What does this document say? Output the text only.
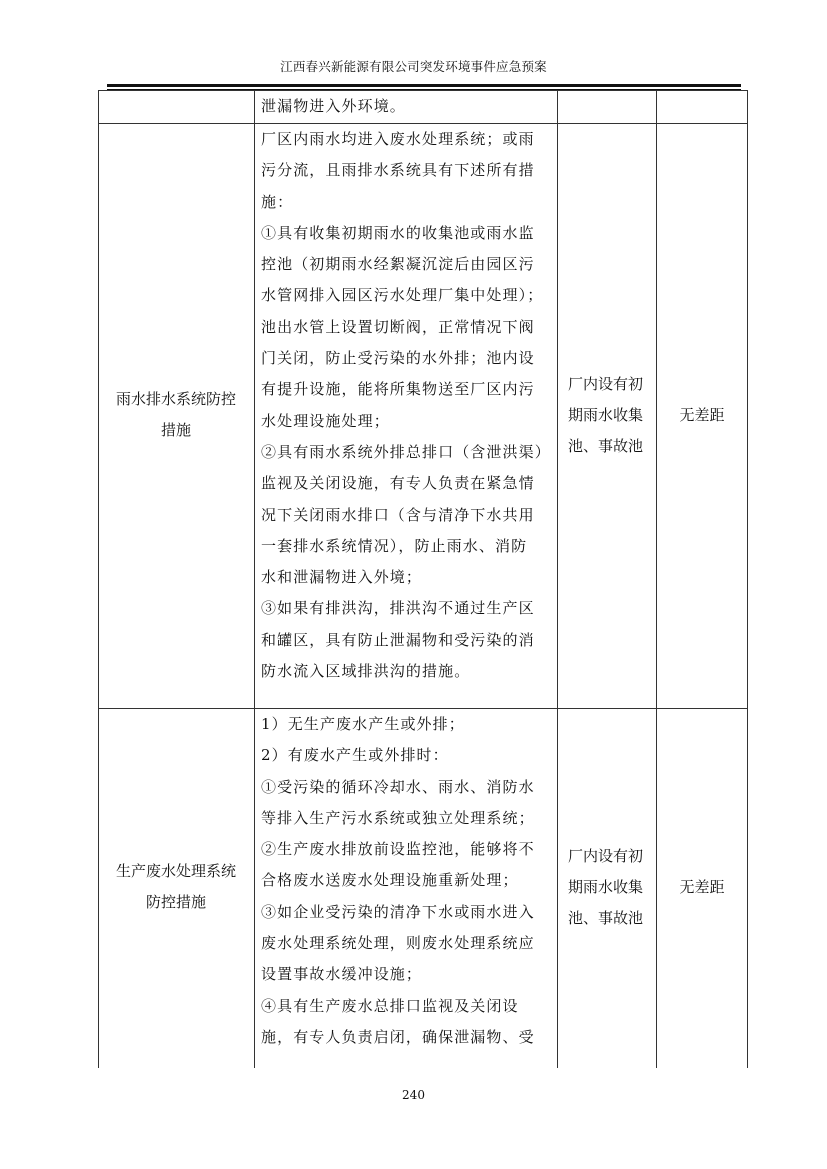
江西春兴新能源有限公司突发环境事件应急预案
泄漏物进入外环境。
雨水排水系统防控
措施
厂区内雨水均进入废水处理系统；或雨
污分流，且雨排水系统具有下述所有措
施：
①具有收集初期雨水的收集池或雨水监
控池（初期雨水经絮凝沉淀后由园区污
水管网排入园区污水处理厂集中处理）；
池出水管上设置切断阀，正常情况下阀
门关闭，防止受污染的水外排；池内设
有提升设施，能将所集物送至厂区内污
水处理设施处理；
②具有雨水系统外排总排口（含泄洪渠）
监视及关闭设施，有专人负责在紧急情
况下关闭雨水排口（含与清净下水共用
一套排水系统情况），防止雨水、消防
水和泄漏物进入外境；
③如果有排洪沟，排洪沟不通过生产区
和罐区，具有防止泄漏物和受污染的消
防水流入区域排洪沟的措施。
厂内设有初
期雨水收集
池、事故池
无差距
生产废水处理系统
防控措施
1）无生产废水产生或外排；
2）有废水产生或外排时：
①受污染的循环冷却水、雨水、消防水
等排入生产污水系统或独立处理系统；
②生产废水排放前设监控池，能够将不
合格废水送废水处理设施重新处理；
③如企业受污染的清净下水或雨水进入
废水处理系统处理，则废水处理系统应
设置事故水缓冲设施；
④具有生产废水总排口监视及关闭设
施，有专人负责启闭，确保泄漏物、受
厂内设有初
期雨水收集
池、事故池
无差距
240
